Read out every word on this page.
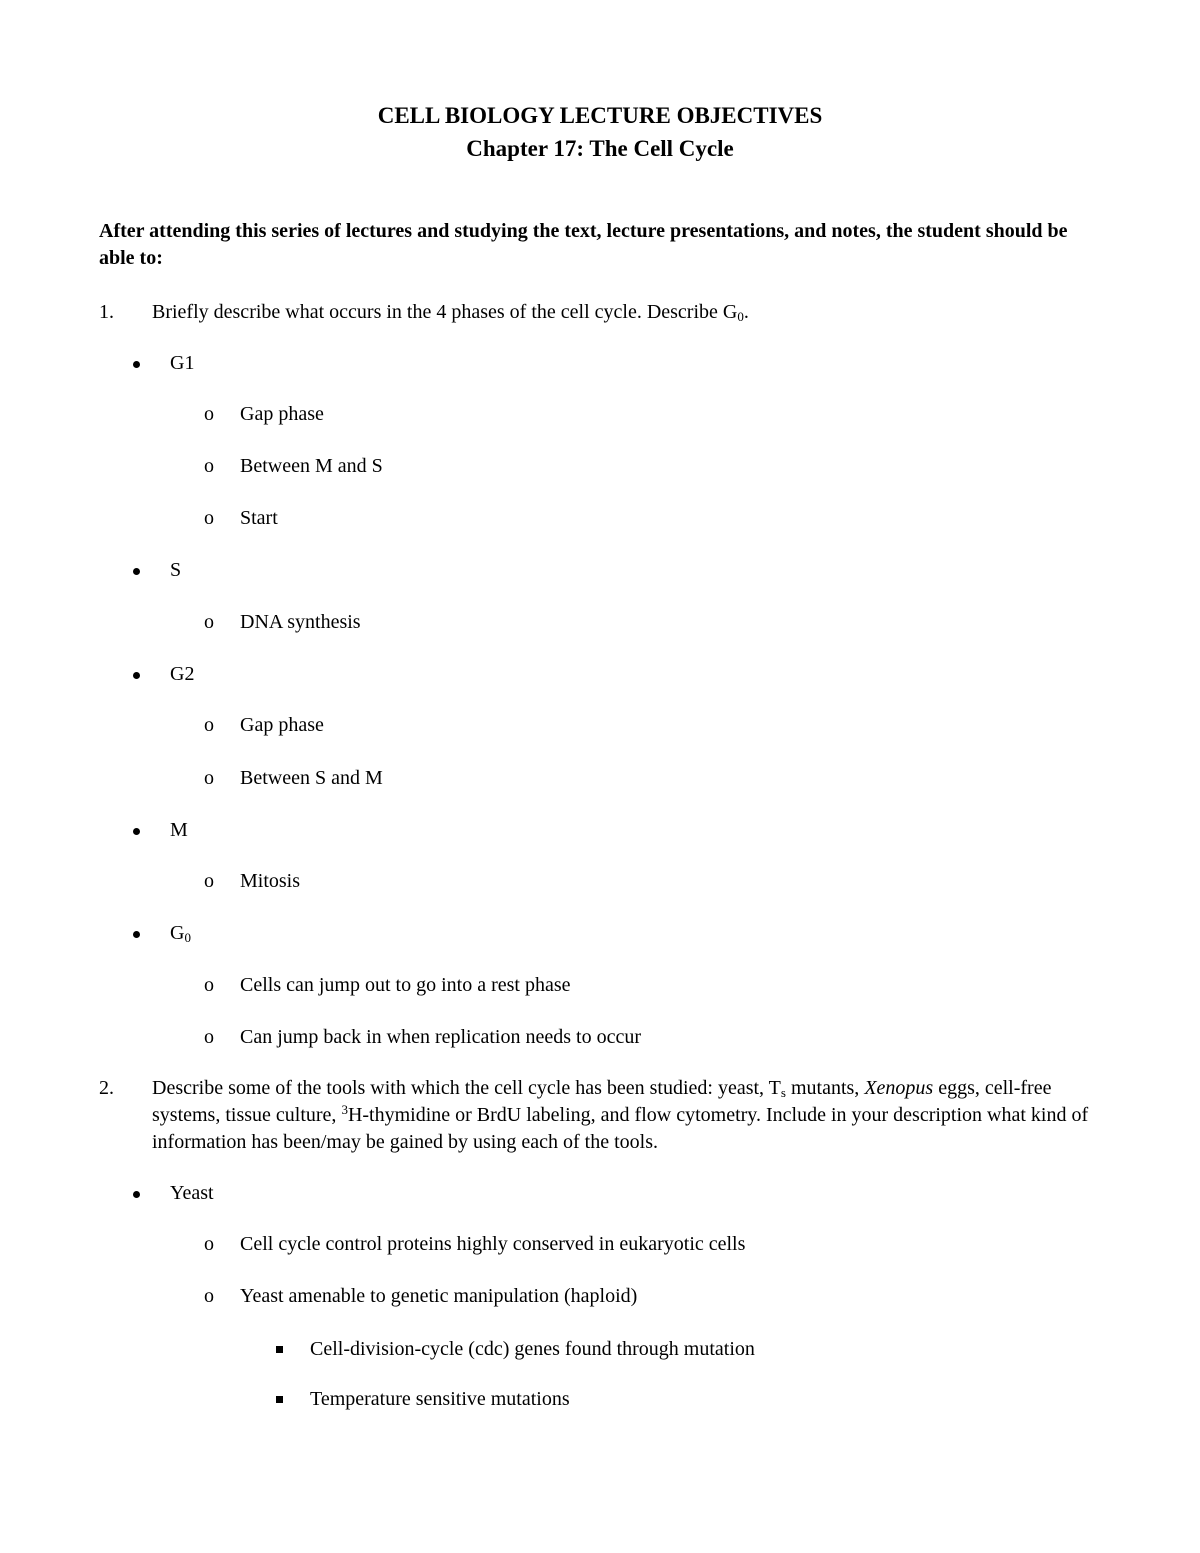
CELL BIOLOGY LECTURE OBJECTIVES
Chapter 17: The Cell Cycle
After attending this series of lectures and studying the text, lecture presentations, and notes, the student should be able to:
1. Briefly describe what occurs in the 4 phases of the cell cycle. Describe $G_0$.
G1
o Gap phase
o Between M and S
o Start
S
o DNA synthesis
G2
o Gap phase
o Between S and M
M
o Mitosis
$G_0$
o Cells can jump out to go into a rest phase
o Can jump back in when replication needs to occur
2. Describe some of the tools with which the cell cycle has been studied: yeast, $T_s$ mutants, Xenopus eggs, cell-free systems, tissue culture, $^3$H-thymidine or BrdU labeling, and flow cytometry. Include in your description what kind of information has been/may be gained by using each of the tools.
Yeast
o Cell cycle control proteins highly conserved in eukaryotic cells
o Yeast amenable to genetic manipulation (haploid)
Cell-division-cycle (cdc) genes found through mutation
Temperature sensitive mutations
